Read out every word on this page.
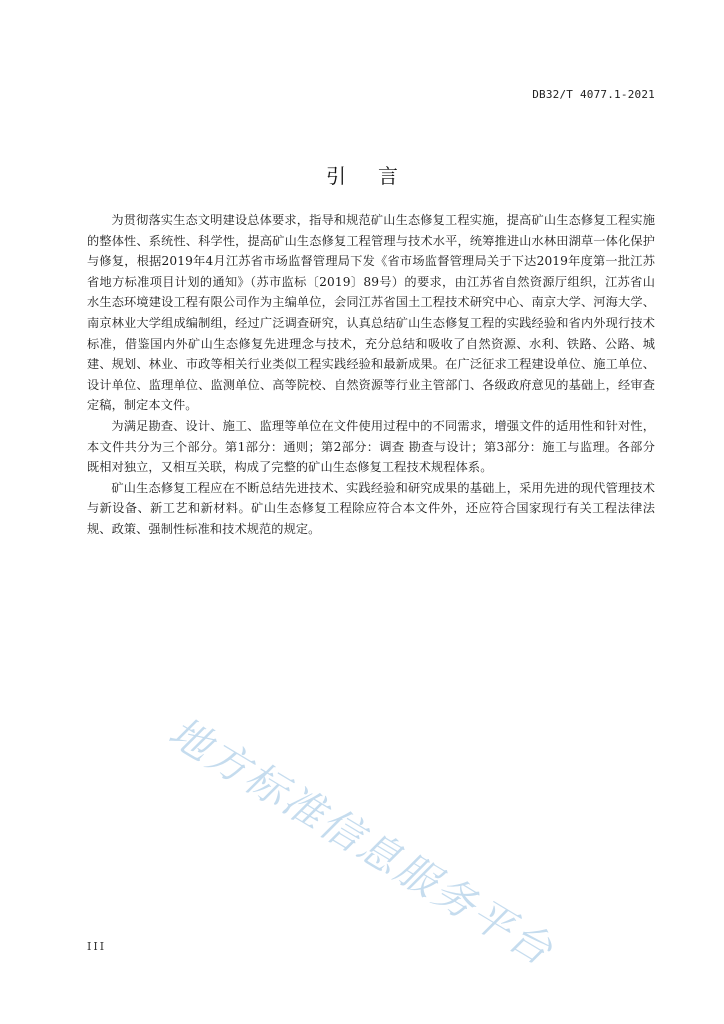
DB32/T 4077.1-2021
引言

为贯彻落实生态文明建设总体要求，指导和规范矿山生态修复工程实施，提高矿山生态修复工程实施的整体性、系统性、科学性，提高矿山生态修复工程管理与技术水平，统筹推进山水林田湖草一体化保护与修复，根据2019年4月江苏省市场监督管理局下发《省市场监督管理局关于下达2019年度第一批江苏省地方标准项目计划的通知》（苏市监标〔2019〕89号）的要求，由江苏省自然资源厅组织，江苏省山水生态环境建设工程有限公司作为主编单位，会同江苏省国土工程技术研究中心、南京大学、河海大学、南京林业大学组成编制组，经过广泛调查研究，认真总结矿山生态修复工程的实践经验和省内外现行技术标准，借鉴国内外矿山生态修复先进理念与技术，充分总结和吸收了自然资源、水利、铁路、公路、城建、规划、林业、市政等相关行业类似工程实践经验和最新成果。在广泛征求工程建设单位、施工单位、设计单位、监理单位、监测单位、高等院校、自然资源等行业主管部门、各级政府意见的基础上，经审查定稿，制定本文件。

为满足勘查、设计、施工、监理等单位在文件使用过程中的不同需求，增强文件的适用性和针对性，本文件共分为三个部分。第1部分：通则；第2部分：调查 勘查与设计；第3部分：施工与监理。各部分既相对独立，又相互关联，构成了完整的矿山生态修复工程技术规程体系。

矿山生态修复工程应在不断总结先进技术、实践经验和研究成果的基础上，采用先进的现代管理技术与新设备、新工艺和新材料。矿山生态修复工程除应符合本文件外，还应符合国家现行有关工程法律法规、政策、强制性标准和技术规范的规定。

地方标准信息服务平台
III
